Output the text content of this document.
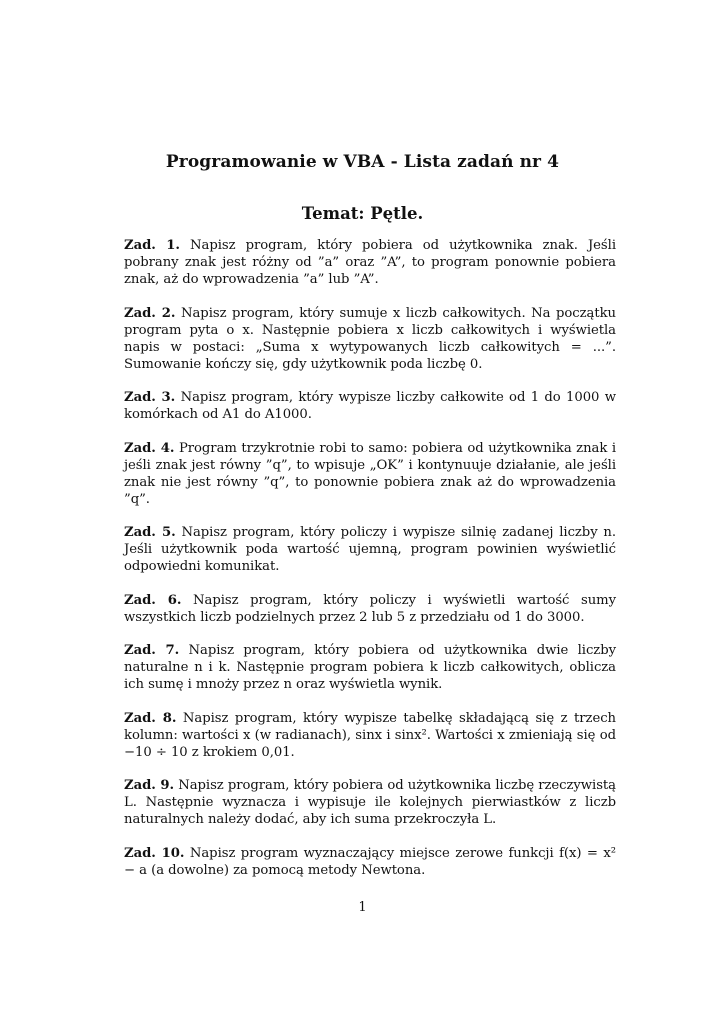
Programowanie w VBA - Lista zadań nr 4
Temat: Pętle.

Zad. 1. Napisz program, który pobiera od użytkownika znak. Jeśli pobrany znak jest różny od ”a” oraz ”A”, to program ponownie pobiera znak, aż do wprowadzenia ”a” lub ”A”.

Zad. 2. Napisz program, który sumuje x liczb całkowitych. Na początku program pyta o x. Następnie pobiera x liczb całkowitych i wyświetla napis w postaci: „Suma x wytypowanych liczb całkowitych = ...”. Sumowanie kończy się, gdy użytkownik poda liczbę 0.

Zad. 3. Napisz program, który wypisze liczby całkowite od 1 do 1000 w komórkach od A1 do A1000.

Zad. 4. Program trzykrotnie robi to samo: pobiera od użytkownika znak i jeśli znak jest równy ”q”, to wpisuje „OK” i kontynuuje działanie, ale jeśli znak nie jest równy ”q”, to ponownie pobiera znak aż do wprowadzenia ”q”.

Zad. 5. Napisz program, który policzy i wypisze silnię zadanej liczby n. Jeśli użytkownik poda wartość ujemną, program powinien wyświetlić odpowiedni komunikat.

Zad. 6. Napisz program, który policzy i wyświetli wartość sumy wszystkich liczb podzielnych przez 2 lub 5 z przedziału od 1 do 3000.

Zad. 7. Napisz program, który pobiera od użytkownika dwie liczby naturalne n i k. Następnie program pobiera k liczb całkowitych, oblicza ich sumę i mnoży przez n oraz wyświetla wynik.

Zad. 8. Napisz program, który wypisze tabelkę składającą się z trzech kolumn: wartości x (w radianach), sinx i sinx². Wartości x zmieniają się od −10 ÷ 10 z krokiem 0,01.

Zad. 9. Napisz program, który pobiera od użytkownika liczbę rzeczywistą L. Następnie wyznacza i wypisuje ile kolejnych pierwiastków z liczb naturalnych należy dodać, aby ich suma przekroczyła L.

Zad. 10. Napisz program wyznaczający miejsce zerowe funkcji f(x) = x² − a (a dowolne) za pomocą metody Newtona.

1
